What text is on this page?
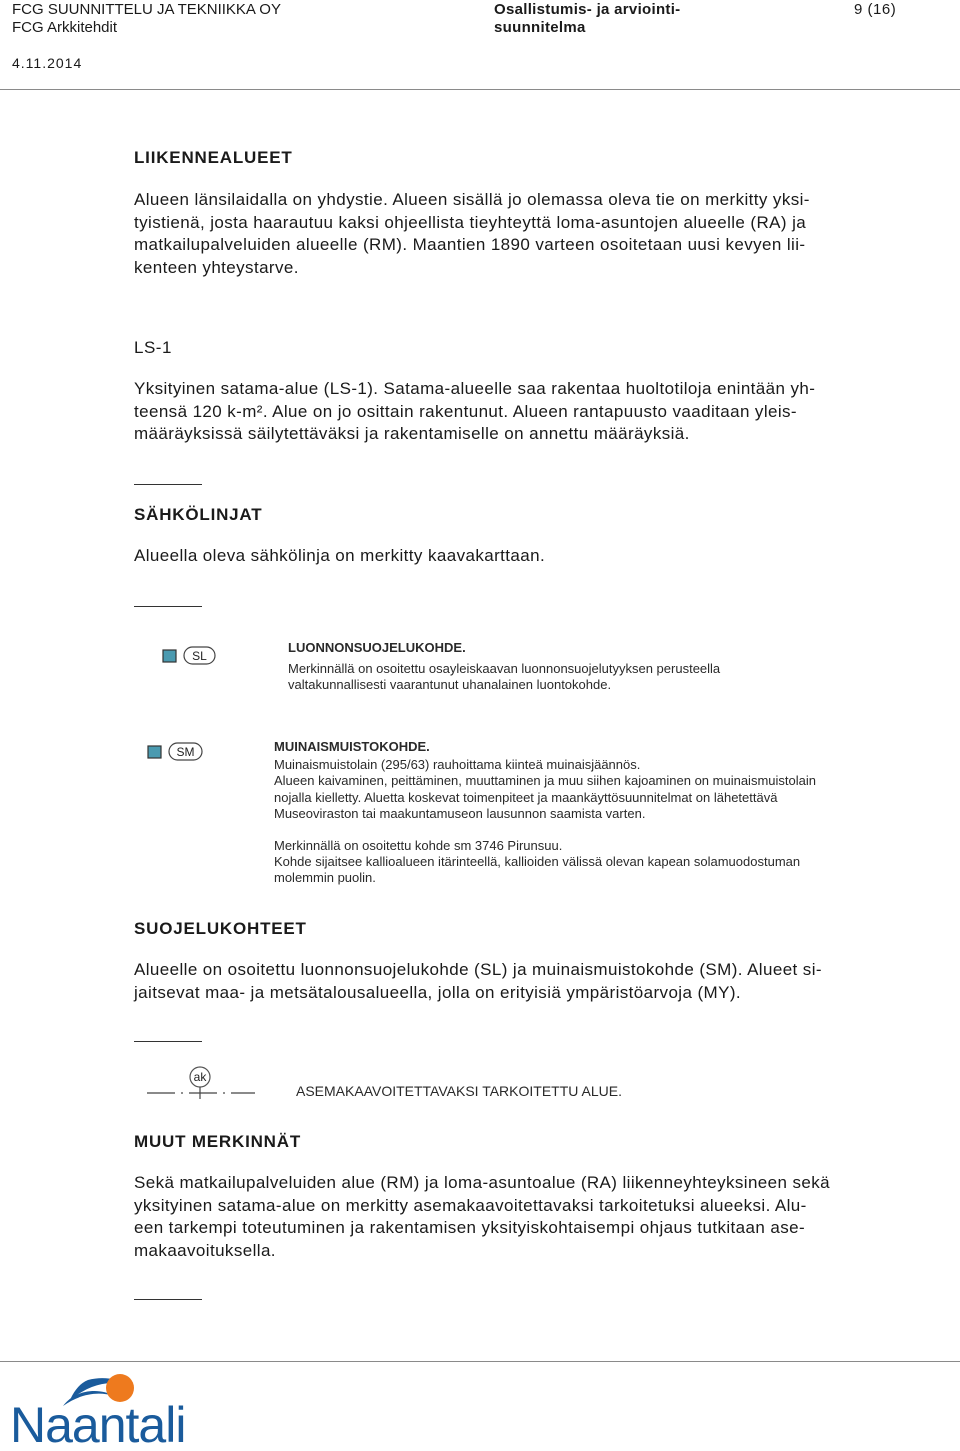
FCG SUUNNITTELU JA TEKNIIKKA OY
FCG Arkkitehdit
4.11.2014
Osallistumis- ja arviointi-
suunnitelma
9 (16)
LIIKENNEALUEET
Alueen länsilaidalla on yhdystie. Alueen sisällä jo olemassa oleva tie on merkitty yksi-
tyistienä, josta haarautuu kaksi ohjeellista tieyhteyttä loma-asuntojen alueelle (RA) ja
matkailupalveluiden alueelle (RM). Maantien 1890 varteen osoitetaan uusi kevyen lii-
kenteen yhteystarve.
LS-1
Yksityinen satama-alue (LS-1). Satama-alueelle saa rakentaa huoltotiloja enintään yh-
teensä 120 k-m². Alue on jo osittain rakentunut. Alueen rantapuusto vaaditaan yleis-
määräyksissä säilytettäväksi ja rakentamiselle on annettu määräyksiä.
SÄHKÖLINJAT
Alueella oleva sähkölinja on merkitty kaavakarttaan.
SL
LUONNONSUOJELUKOHDE.
Merkinnällä on osoitettu osayleiskaavan luonnonsuojelutyyksen perusteella
valtakunnallisesti vaarantunut uhanalainen luontokohde.
SM	MUINAISMUISTOKOHDE.
Muinaismuistolain (295/63) rauhoittama kiinteä muinaisjäännös.
Alueen kaivaminen, peittäminen, muuttaminen ja muu siihen kajoaminen on muinaismuistolain
nojalla kielletty. Aluetta koskevat toimenpiteet ja maankäyttösuunnitelmat on lähetettävä
Museoviraston tai maakuntamuseon lausunnon saamista varten.
Merkinnällä on osoitettu kohde sm 3746 Pirunsuu.
Kohde sijaitsee kallioalueen itärinteellä, kallioiden välissä olevan kapean solamuodostuman
molemmin puolin.
SUOJELUKOHTEET
Alueelle on osoitettu luonnonsuojelukohde (SL) ja muinaismuistokohde (SM). Alueet si-
jaitsevat maa- ja metsätalousalueella, jolla on erityisiä ympäristöarvoja (MY).
ak
ASEMAKAAVOITETTAVAKSI TARKOITETTU ALUE.
MUUT MERKINNÄT
Sekä matkailupalveluiden alue (RM) ja loma-asuntoalue (RA) liikenneyhteyksineen sekä
yksityinen satama-alue on merkitty asemakaavoitettavaksi tarkoitetuksi alueeksi. Alu-
een tarkempi toteutuminen ja rakentamisen yksityiskohtaisempi ohjaus tutkitaan ase-
makaavoituksella.
Naantali
